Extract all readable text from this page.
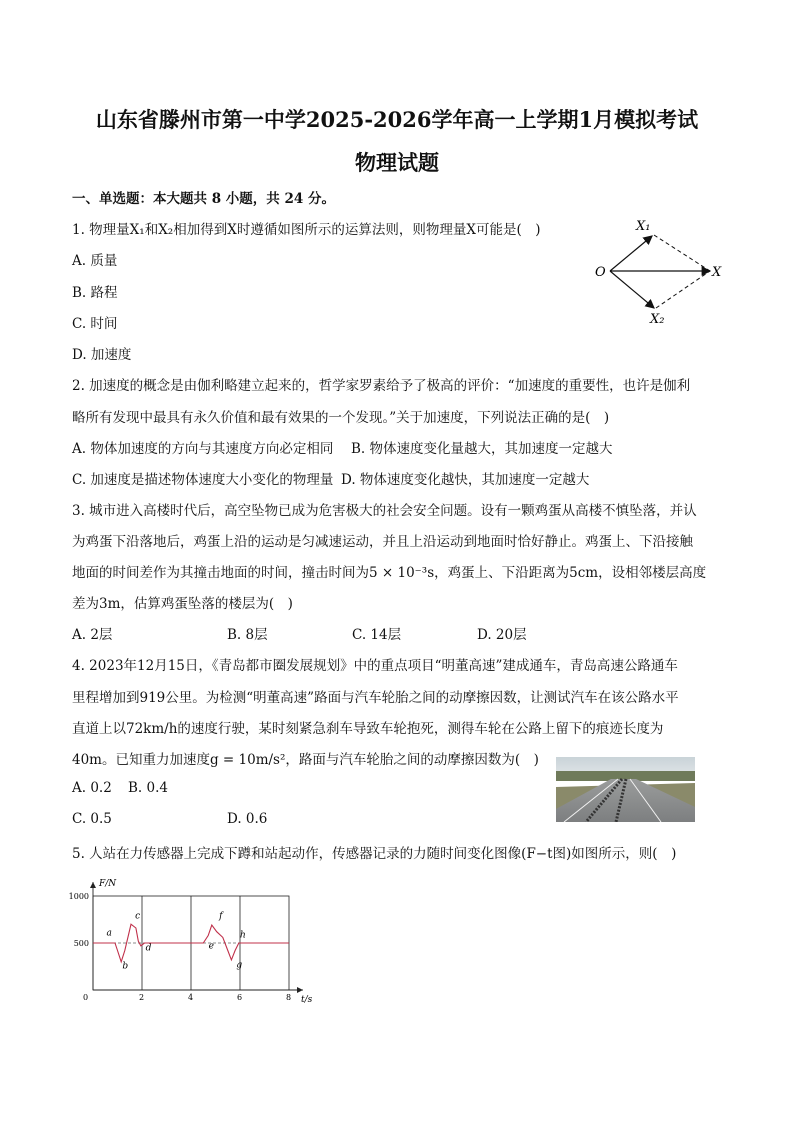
山东省滕州市第一中学2025-2026学年高一上学期1月模拟考试
物理试题
一、单选题：本大题共 8 小题，共 24 分。
1. 物理量X₁和X₂相加得到X时遵循如图所示的运算法则，则物理量X可能是(　)
A. 质量
B. 路程
C. 时间
D. 加速度
O
X₁
X₂
X
2. 加速度的概念是由伽利略建立起来的，哲学家罗素给予了极高的评价：“加速度的重要性，也许是伽利
略所有发现中最具有永久价值和最有效果的一个发现。”关于加速度，下列说法正确的是(　)
A. 物体加速度的方向与其速度方向必定相同 B. 物体速度变化量越大，其加速度一定越大
C. 加速度是描述物体速度大小变化的物理量 D. 物体速度变化越快，其加速度一定越大
3. 城市进入高楼时代后，高空坠物已成为危害极大的社会安全问题。设有一颗鸡蛋从高楼不慎坠落，并认
为鸡蛋下沿落地后，鸡蛋上沿的运动是匀减速运动，并且上沿运动到地面时恰好静止。鸡蛋上、下沿接触
地面的时间差作为其撞击地面的时间，撞击时间为5 × 10⁻³s，鸡蛋上、下沿距离为5cm，设相邻楼层高度
差为3m，估算鸡蛋坠落的楼层为(　)
A. 2层	B. 8层	C. 14层	D. 20层
4. 2023年12月15日，《青岛都市圈发展规划》中的重点项目“明董高速”建成通车，青岛高速公路通车
里程增加到919公里。为检测“明董高速”路面与汽车轮胎之间的动摩擦因数，让测试汽车在该公路水平
直道上以72km/h的速度行驶，某时刻紧急刹车导致车轮抱死，测得车轮在公路上留下的痕迹长度为
40m。已知重力加速度g = 10m/s²，路面与汽车轮胎之间的动摩擦因数为(　)
A. 0.2 B. 0.4
C. 0.5	D. 0.6
5. 人站在力传感器上完成下蹲和站起动作，传感器记录的力随时间变化图像(F−t图)如图所示，则(　)
F/N
t/s
0	2	4	6	8
500
1000
a
b
c
d	e
f
g
h
